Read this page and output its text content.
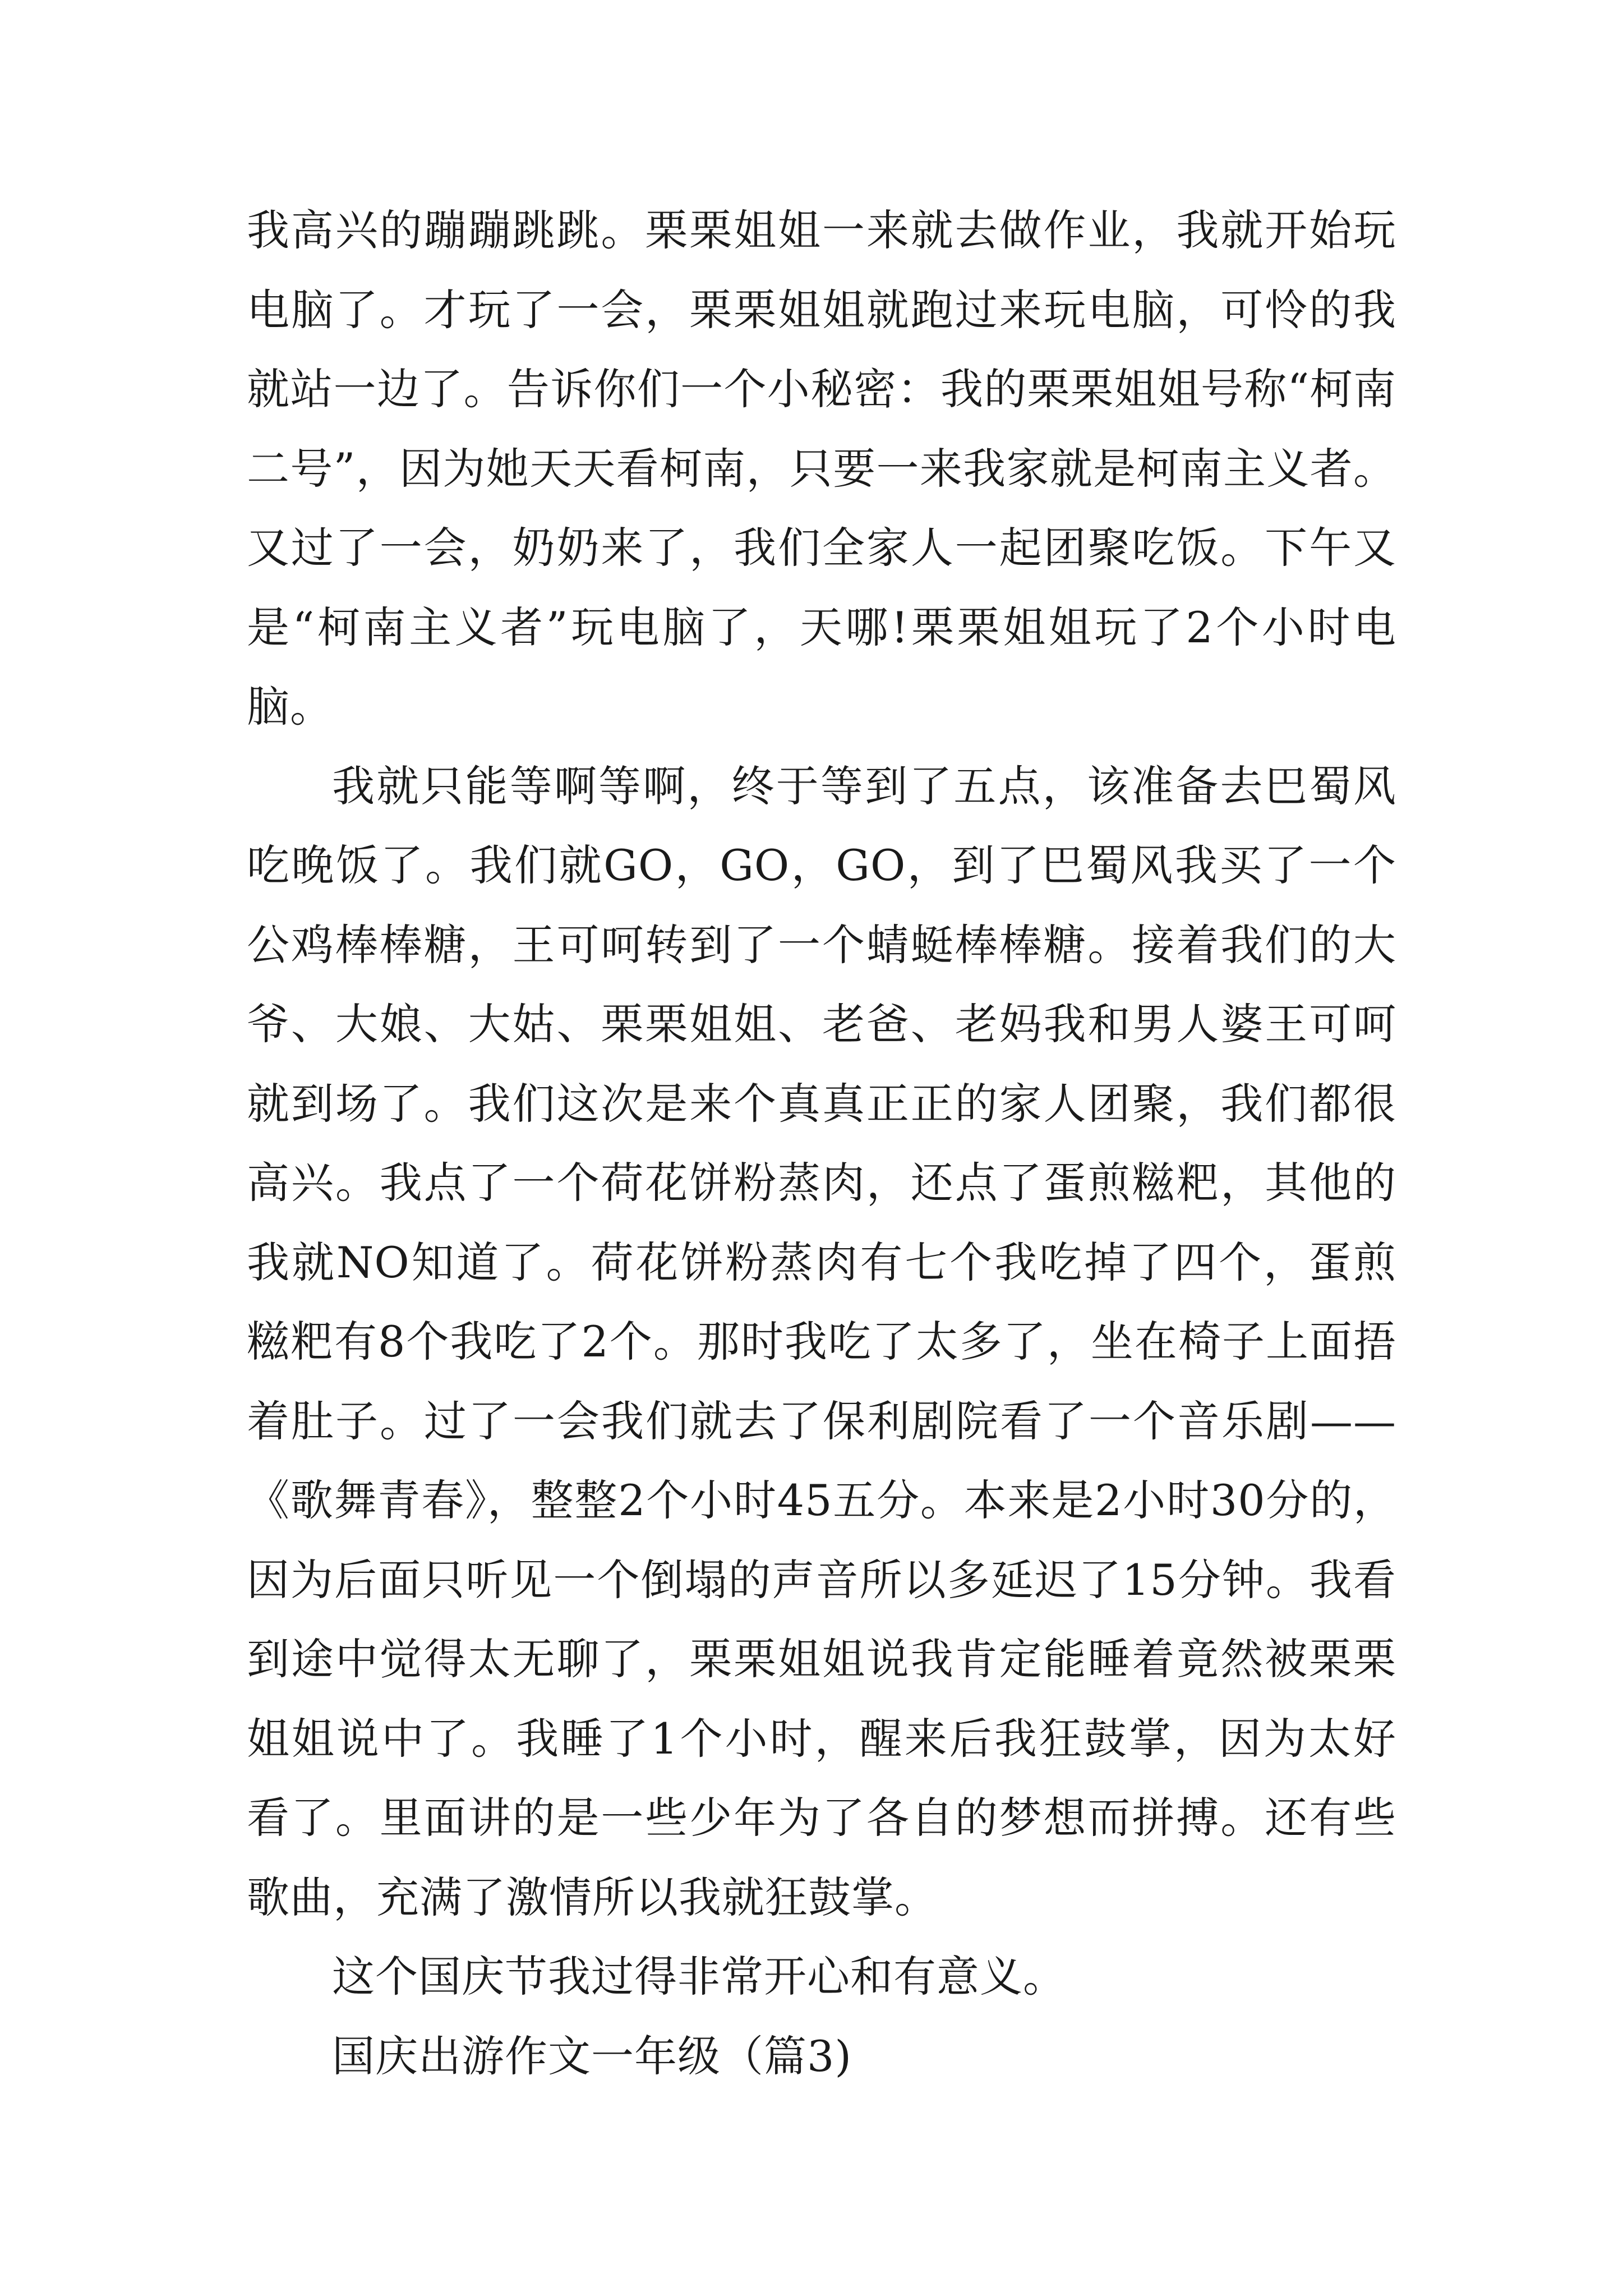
我高兴的蹦蹦跳跳。栗栗姐姐一来就去做作业，我就开始玩电脑了。才玩了一会，栗栗姐姐就跑过来玩电脑，可怜的我就站一边了。告诉你们一个小秘密：我的栗栗姐姐号称“柯南二号”，因为她天天看柯南，只要一来我家就是柯南主义者。又过了一会，奶奶来了，我们全家人一起团聚吃饭。下午又是“柯南主义者”玩电脑了，天哪!栗栗姐姐玩了2个小时电脑。

我就只能等啊等啊，终于等到了五点，该准备去巴蜀风吃晚饭了。我们就GO，GO，GO，到了巴蜀风我买了一个公鸡棒棒糖，王可呵转到了一个蜻蜓棒棒糖。接着我们的大爷、大娘、大姑、栗栗姐姐、老爸、老妈我和男人婆王可呵就到场了。我们这次是来个真真正正的家人团聚，我们都很高兴。我点了一个荷花饼粉蒸肉，还点了蛋煎糍粑，其他的我就NO知道了。荷花饼粉蒸肉有七个我吃掉了四个，蛋煎糍粑有8个我吃了2个。那时我吃了太多了，坐在椅子上面捂着肚子。过了一会我们就去了保利剧院看了一个音乐剧——《歌舞青春》，整整2个小时45五分。本来是2小时30分的，因为后面只听见一个倒塌的声音所以多延迟了15分钟。我看到途中觉得太无聊了，栗栗姐姐说我肯定能睡着竟然被栗栗姐姐说中了。我睡了1个小时，醒来后我狂鼓掌，因为太好看了。里面讲的是一些少年为了各自的梦想而拼搏。还有些歌曲，充满了激情所以我就狂鼓掌。

这个国庆节我过得非常开心和有意义。

国庆出游作文一年级（篇3)
